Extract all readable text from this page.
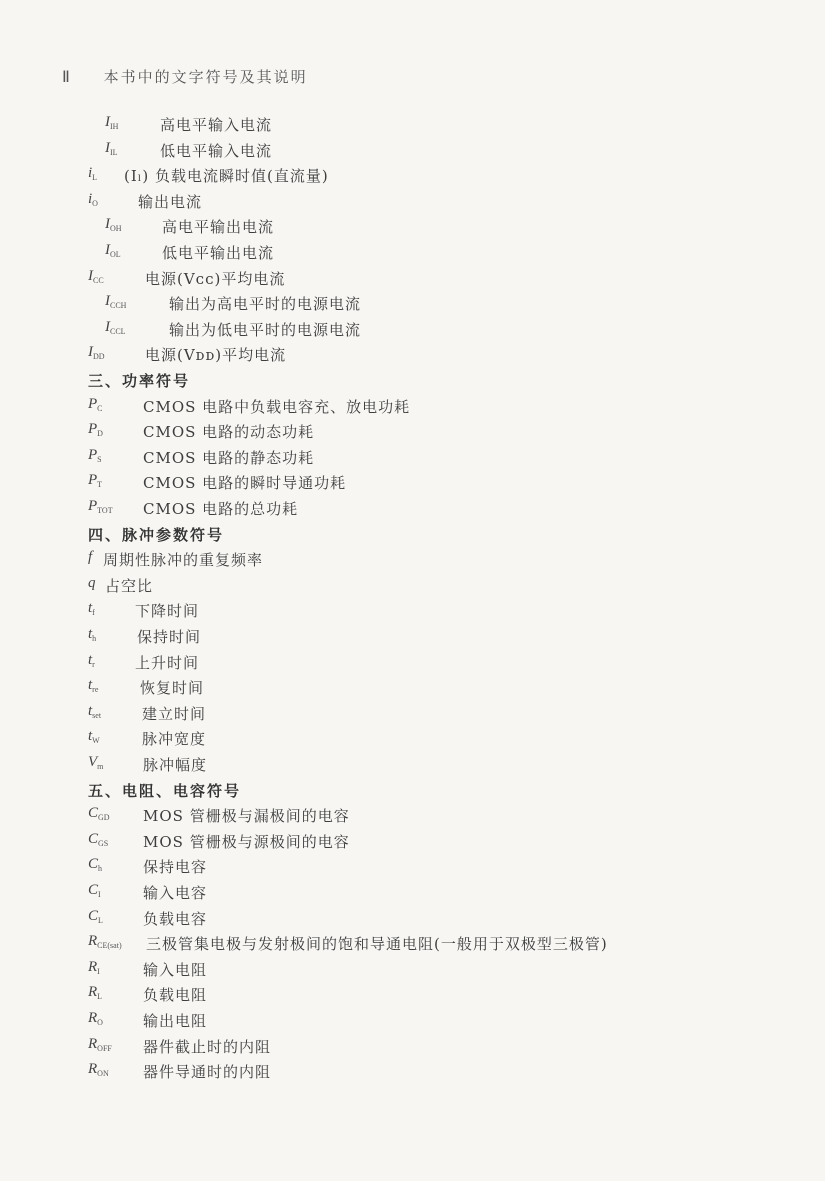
Ⅱ 本书中的文字符号及其说明
$I_{IH}$	高电平输入电流
$I_{IL}$	低电平输入电流
$i_L$ (Iₗ) 负载电流瞬时值(直流量)
$i_O$	输出电流
$I_{OH}$	高电平输出电流
$I_{OL}$	低电平输出电流
$I_{CC}$	电源(Vᴄᴄ)平均电流
$I_{CCH}$	输出为高电平时的电源电流
$I_{CCL}$	输出为低电平时的电源电流
$I_{DD}$	电源(Vᴅᴅ)平均电流
三、功率符号
$P_C$	CMOS 电路中负载电容充、放电功耗
$P_D$	CMOS 电路的动态功耗
$P_S$	CMOS 电路的静态功耗
$P_T$	CMOS 电路的瞬时导通功耗
$P_{TOT}$ CMOS 电路的总功耗
四、脉冲参数符号
f 周期性脉冲的重复频率
q 占空比
$t_f$	下降时间
$t_h$	保持时间
$t_r$	上升时间
$t_{re}$	恢复时间
$t_{set}$	建立时间
$t_W$	脉冲宽度
$V_m$	脉冲幅度
五、电阻、电容符号
$C_{GD}$ MOS 管栅极与漏极间的电容
$C_{GS}$ MOS 管栅极与源极间的电容
$C_h$	保持电容
$C_I$	输入电容
$C_L$	负载电容
$R_{CE(sat)}$ 三极管集电极与发射极间的饱和导通电阻(一般用于双极型三极管)
$R_I$	输入电阻
$R_L$	负载电阻
$R_O$	输出电阻
$R_{OFF}$ 器件截止时的内阻
$R_{ON}$ 器件导通时的内阻
